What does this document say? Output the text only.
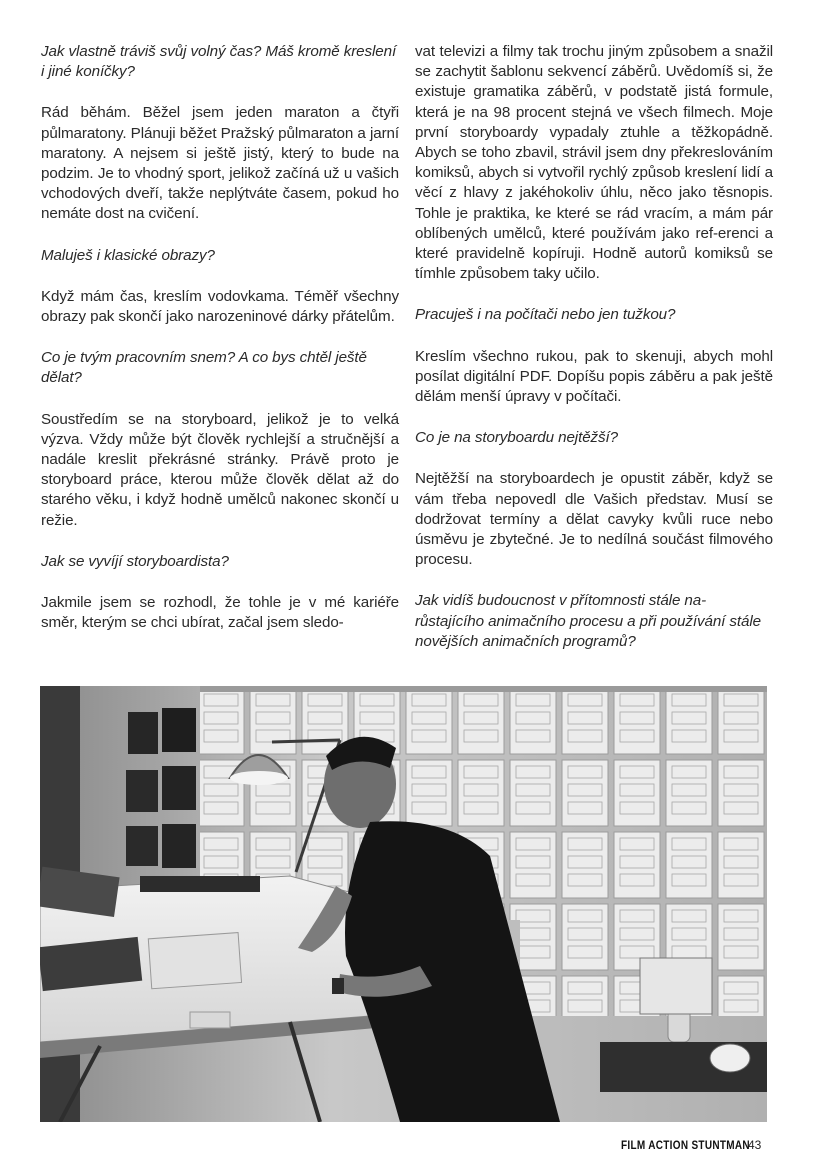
Jak vlastně tráviš svůj volný čas? Máš kromě kreslení i jiné koníčky?

Rád běhám. Běžel jsem jeden maraton a čtyři půlmaratony. Plánuji běžet Pražský půlmaraton a jarní maratony. A nejsem si ještě jistý, který to bude na podzim. Je to vhodný sport, jelikož začíná už u vašich vchodových dveří, takže neplýtváte časem, pokud ho nemáte dost na cvičení.

Maluješ i klasické obrazy?

Když mám čas, kreslím vodovkama. Téměř všechny obrazy pak skončí jako narozeninové dárky přátelům.

Co je tvým pracovním snem? A co bys chtěl ještě dělat?

Soustředím se na storyboard, jelikož je to velká výzva. Vždy může být člověk rychlejší a stručnější a nadále kreslit překrásné stránky. Právě proto je storyboard práce, kterou může člověk dělat až do starého věku, i když hodně umělců nakonec skončí u režie.

Jak se vyvíjí storyboardista?

Jakmile jsem se rozhodl, že tohle je v mé kariéře směr, kterým se chci ubírat, začal jsem sledo-

vat televizi a filmy tak trochu jiným způsobem a snažil se zachytit šablonu sekvencí záběrů. Uvědomíš si, že existuje gramatika záběrů, v podstatě jistá formule, která je na 98 procent stejná ve všech filmech. Moje první storyboardy vypadaly ztuhle a těžkopádně. Abych se toho zbavil, strávil jsem dny překreslováním komiksů, abych si vytvořil rychlý způsob kreslení lidí a věcí z hlavy z jakéhokoliv úhlu, něco jako těsnopis. Tohle je praktika, ke které se rád vracím, a mám pár oblíbených umělců, které používám jako ref-erenci a které pravidelně kopíruji. Hodně autorů komiksů se tímhle způsobem taky učilo.

Pracuješ i na počítači nebo jen tužkou?

Kreslím všechno rukou, pak to skenuji, abych mohl posílat digitální PDF. Dopíšu popis záběru a pak ještě dělám menší úpravy v počítači.

Co je na storyboardu nejtěžší?

Nejtěžší na storyboardech je opustit záběr, když se vám třeba nepovedl dle Vašich představ. Musí se dodržovat termíny a dělat cavyky kvůli ruce nebo úsměvu je zbytečné. Je to nedílná součást filmového procesu.

Jak vidíš budoucnost v přítomnosti stále na-růstajícího animačního procesu a při používání stále novějších animačních programů?

FILM ACTION STUNTMAN
43
